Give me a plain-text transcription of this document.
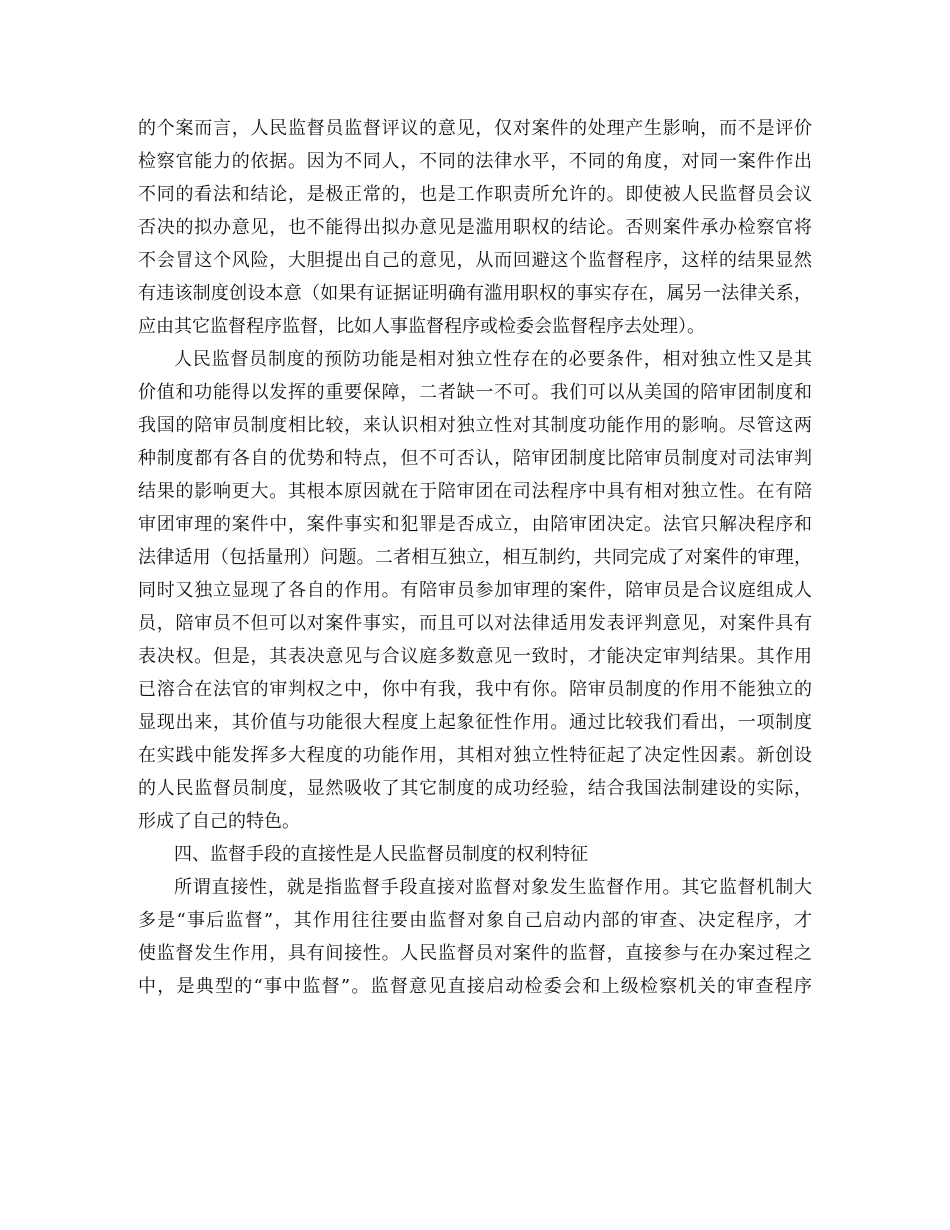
的个案而言，人民监督员监督评议的意见，仅对案件的处理产生影响，而不是评价
检察官能力的依据。因为不同人，不同的法律水平，不同的角度，对同一案件作出
不同的看法和结论，是极正常的，也是工作职责所允许的。即使被人民监督员会议
否决的拟办意见，也不能得出拟办意见是滥用职权的结论。否则案件承办检察官将
不会冒这个风险，大胆提出自己的意见，从而回避这个监督程序，这样的结果显然
有违该制度创设本意（如果有证据证明确有滥用职权的事实存在，属另一法律关系，
应由其它监督程序监督，比如人事监督程序或检委会监督程序去处理）。
人民监督员制度的预防功能是相对独立性存在的必要条件，相对独立性又是其
价值和功能得以发挥的重要保障，二者缺一不可。我们可以从美国的陪审团制度和
我国的陪审员制度相比较，来认识相对独立性对其制度功能作用的影响。尽管这两
种制度都有各自的优势和特点，但不可否认，陪审团制度比陪审员制度对司法审判
结果的影响更大。其根本原因就在于陪审团在司法程序中具有相对独立性。在有陪
审团审理的案件中，案件事实和犯罪是否成立，由陪审团决定。法官只解决程序和
法律适用（包括量刑）问题。二者相互独立，相互制约，共同完成了对案件的审理，
同时又独立显现了各自的作用。有陪审员参加审理的案件，陪审员是合议庭组成人
员，陪审员不但可以对案件事实，而且可以对法律适用发表评判意见，对案件具有
表决权。但是，其表决意见与合议庭多数意见一致时，才能决定审判结果。其作用
已溶合在法官的审判权之中，你中有我，我中有你。陪审员制度的作用不能独立的
显现出来，其价值与功能很大程度上起象征性作用。通过比较我们看出，一项制度
在实践中能发挥多大程度的功能作用，其相对独立性特征起了决定性因素。新创设
的人民监督员制度，显然吸收了其它制度的成功经验，结合我国法制建设的实际，
形成了自己的特色。
四、监督手段的直接性是人民监督员制度的权利特征
所谓直接性，就是指监督手段直接对监督对象发生监督作用。其它监督机制大
多是“事后监督”，其作用往往要由监督对象自己启动内部的审查、决定程序，才
使监督发生作用，具有间接性。人民监督员对案件的监督，直接参与在办案过程之
中，是典型的“事中监督”。监督意见直接启动检委会和上级检察机关的审查程序
